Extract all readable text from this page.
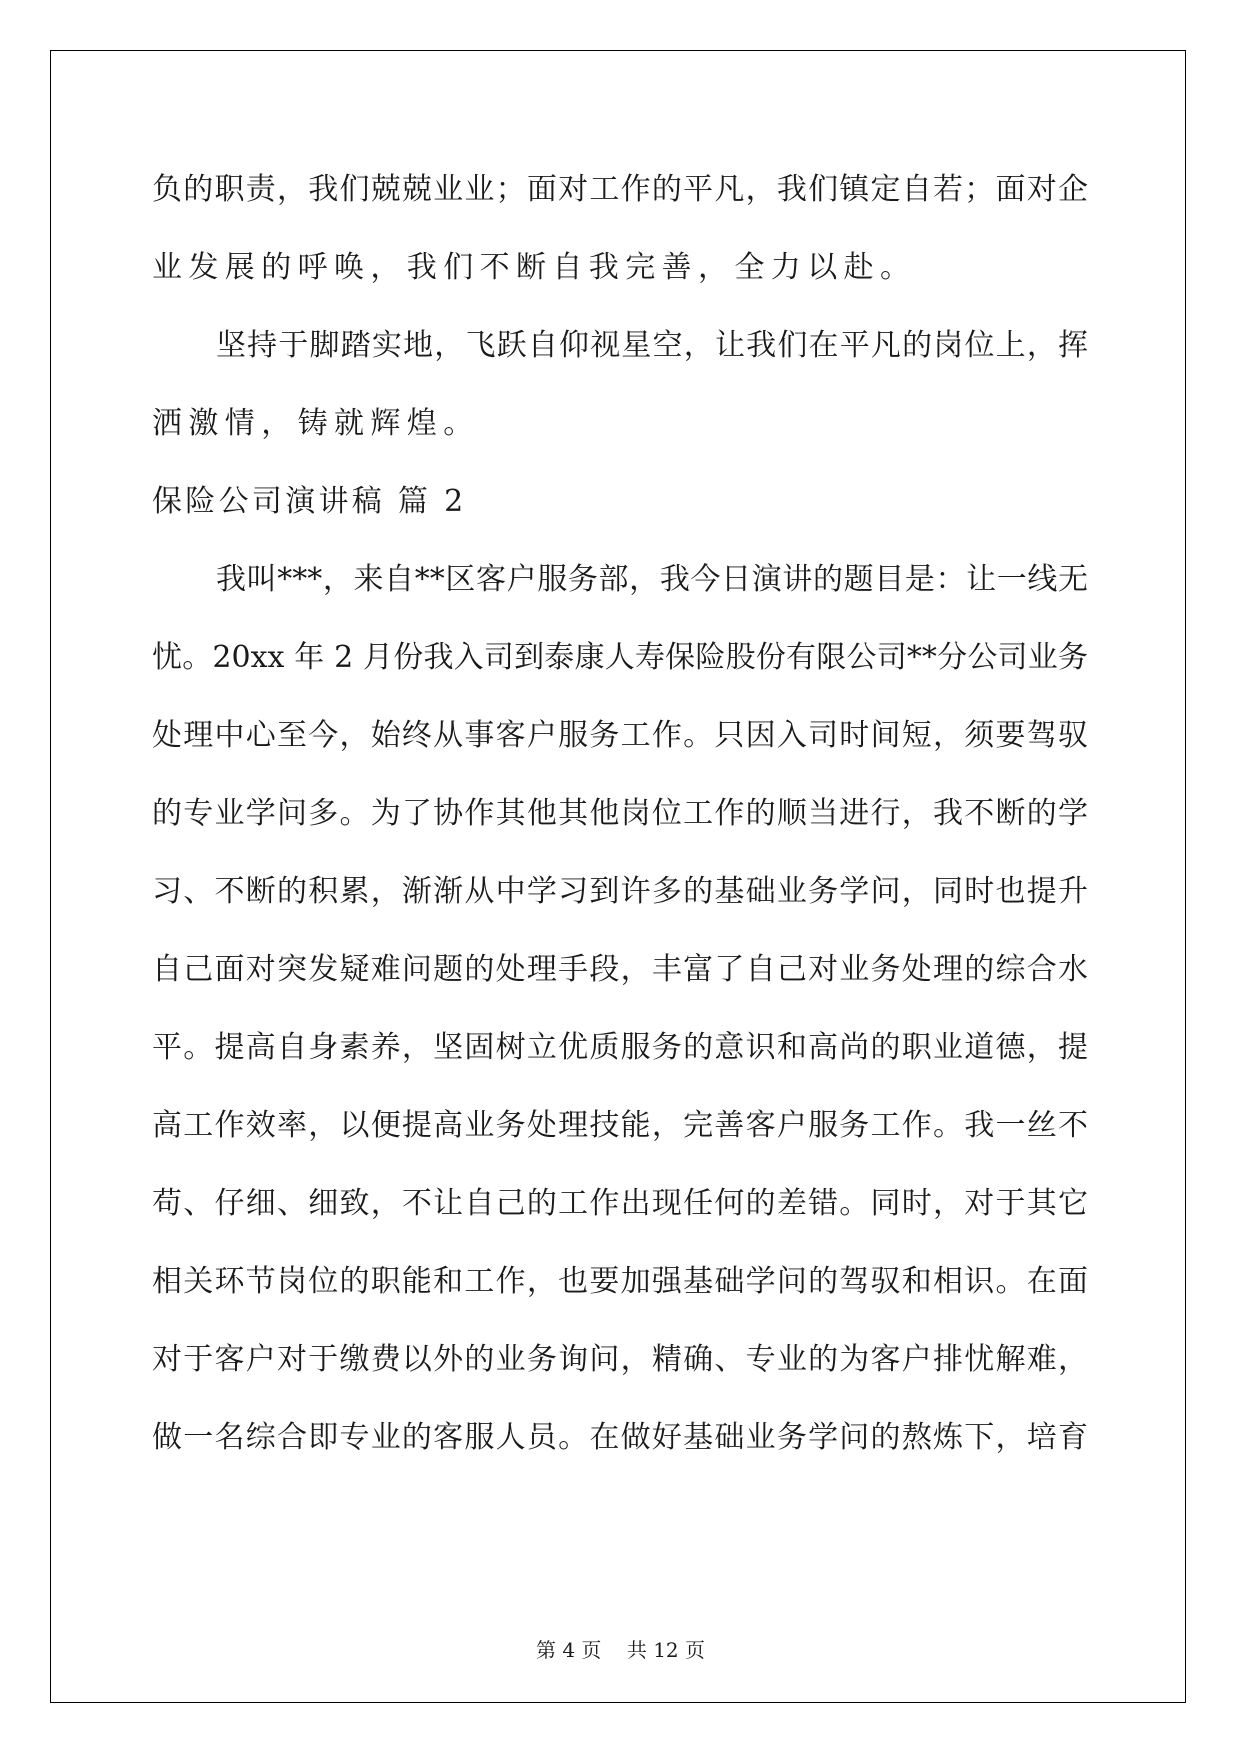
负的职责，我们兢兢业业；面对工作的平凡，我们镇定自若；面对企
业发展的呼唤，我们不断自我完善，全力以赴。
坚持于脚踏实地，飞跃自仰视星空，让我们在平凡的岗位上，挥
洒激情，铸就辉煌。
保险公司演讲稿 篇 2
我叫***，来自**区客户服务部，我今日演讲的题目是：让一线无
忧。20xx 年 2 月份我入司到泰康人寿保险股份有限公司**分公司业务
处理中心至今，始终从事客户服务工作。只因入司时间短，须要驾驭
的专业学问多。为了协作其他其他岗位工作的顺当进行，我不断的学
习、不断的积累，渐渐从中学习到许多的基础业务学问，同时也提升
自己面对突发疑难问题的处理手段，丰富了自己对业务处理的综合水
平。提高自身素养，坚固树立优质服务的意识和高尚的职业道德，提
高工作效率，以便提高业务处理技能，完善客户服务工作。我一丝不
苟、仔细、细致，不让自己的工作出现任何的差错。同时，对于其它
相关环节岗位的职能和工作，也要加强基础学问的驾驭和相识。在面
对于客户对于缴费以外的业务询问，精确、专业的为客户排忧解难，
做一名综合即专业的客服人员。在做好基础业务学问的熬炼下，培育
第 4 页    共 12 页
